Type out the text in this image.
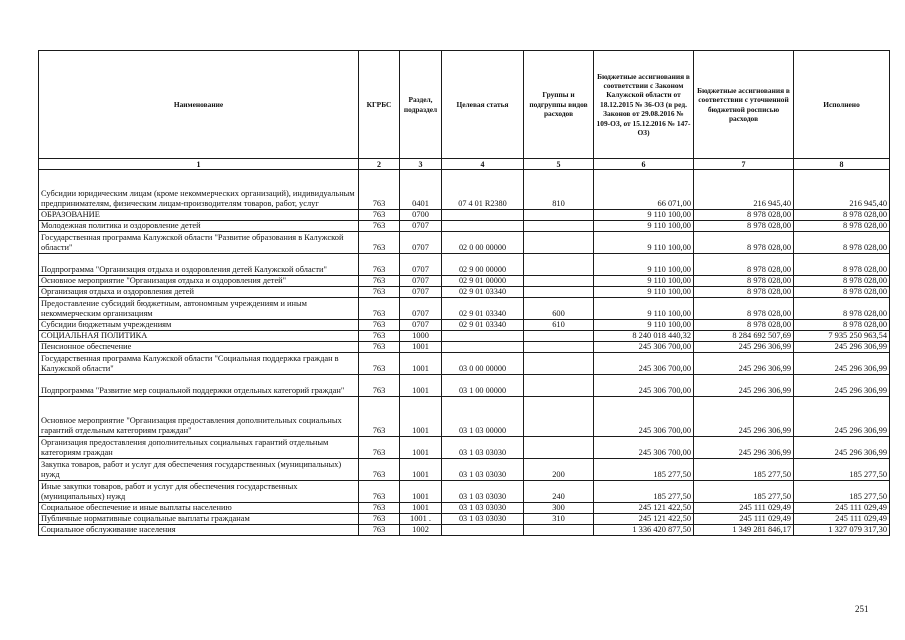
Наименование	КГРБС	Раздел, подраздел	Целевая статья	Группы и подгруппы видов расходов	Бюджетные ассигнования в соответствии с Законом Калужской области от 18.12.2015 № 36-ОЗ (в ред. Законов от 29.08.2016 № 109-ОЗ, от 15.12.2016 № 147-ОЗ)	Бюджетные ассигнования в соответствии с уточненной бюджетной росписью расходов	Исполнено
1	2	3	4	5	6	7	8
Субсидии юридическим лицам (кроме некоммерческих организаций), индивидуальным предпринимателям, физическим лицам-производителям товаров, работ, услуг	763	0401	07 4 01 R2380	810	66 071,00	216 945,40	216 945,40
ОБРАЗОВАНИЕ	763	0700			9 110 100,00	8 978 028,00	8 978 028,00
Молодежная политика и оздоровление детей	763	0707			9 110 100,00	8 978 028,00	8 978 028,00
Государственная программа Калужской области "Развитие образования в Калужской области"	763	0707	02 0 00 00000		9 110 100,00	8 978 028,00	8 978 028,00
Подпрограмма "Организация отдыха и оздоровления детей Калужской области"	763	0707	02 9 00 00000		9 110 100,00	8 978 028,00	8 978 028,00
Основное мероприятие "Организация отдыха и оздоровления детей"	763	0707	02 9 01 00000		9 110 100,00	8 978 028,00	8 978 028,00
Организация отдыха и оздоровления детей	763	0707	02 9 01 03340		9 110 100,00	8 978 028,00	8 978 028,00
Предоставление субсидий бюджетным, автономным учреждениям и иным некоммерческим организациям	763	0707	02 9 01 03340	600	9 110 100,00	8 978 028,00	8 978 028,00
Субсидии бюджетным учреждениям	763	0707	02 9 01 03340	610	9 110 100,00	8 978 028,00	8 978 028,00
СОЦИАЛЬНАЯ ПОЛИТИКА	763	1000			8 240 018 440,32	8 284 692 507,69	7 935 250 963,54
Пенсионное обеспечение	763	1001			245 306 700,00	245 296 306,99	245 296 306,99
Государственная программа Калужской области "Социальная поддержка граждан в Калужской области"	763	1001	03 0 00 00000		245 306 700,00	245 296 306,99	245 296 306,99
Подпрограмма "Развитие мер социальной поддержки отдельных категорий граждан"	763	1001	03 1 00 00000		245 306 700,00	245 296 306,99	245 296 306,99
Основное мероприятие "Организация предоставления дополнительных социальных гарантий отдельным категориям граждан"	763	1001	03 1 03 00000		245 306 700,00	245 296 306,99	245 296 306,99
Организация предоставления дополнительных социальных гарантий отдельным категориям граждан	763	1001	03 1 03 03030		245 306 700,00	245 296 306,99	245 296 306,99
Закупка товаров, работ и услуг для обеспечения государственных (муниципальных) нужд	763	1001	03 1 03 03030	200	185 277,50	185 277,50	185 277,50
Иные закупки товаров, работ и услуг для обеспечения государственных (муниципальных) нужд	763	1001	03 1 03 03030	240	185 277,50	185 277,50	185 277,50
Социальное обеспечение и иные выплаты населению	763	1001	03 1 03 03030	300	245 121 422,50	245 111 029,49	245 111 029,49
Публичные нормативные социальные выплаты гражданам	763	1001 .	03 1 03 03030	310	245 121 422,50	245 111 029,49	245 111 029,49
Социальное обслуживание населения	763	1002			1 336 420 877,50	1 349 281 846,17	1 327 079 317,30
251
